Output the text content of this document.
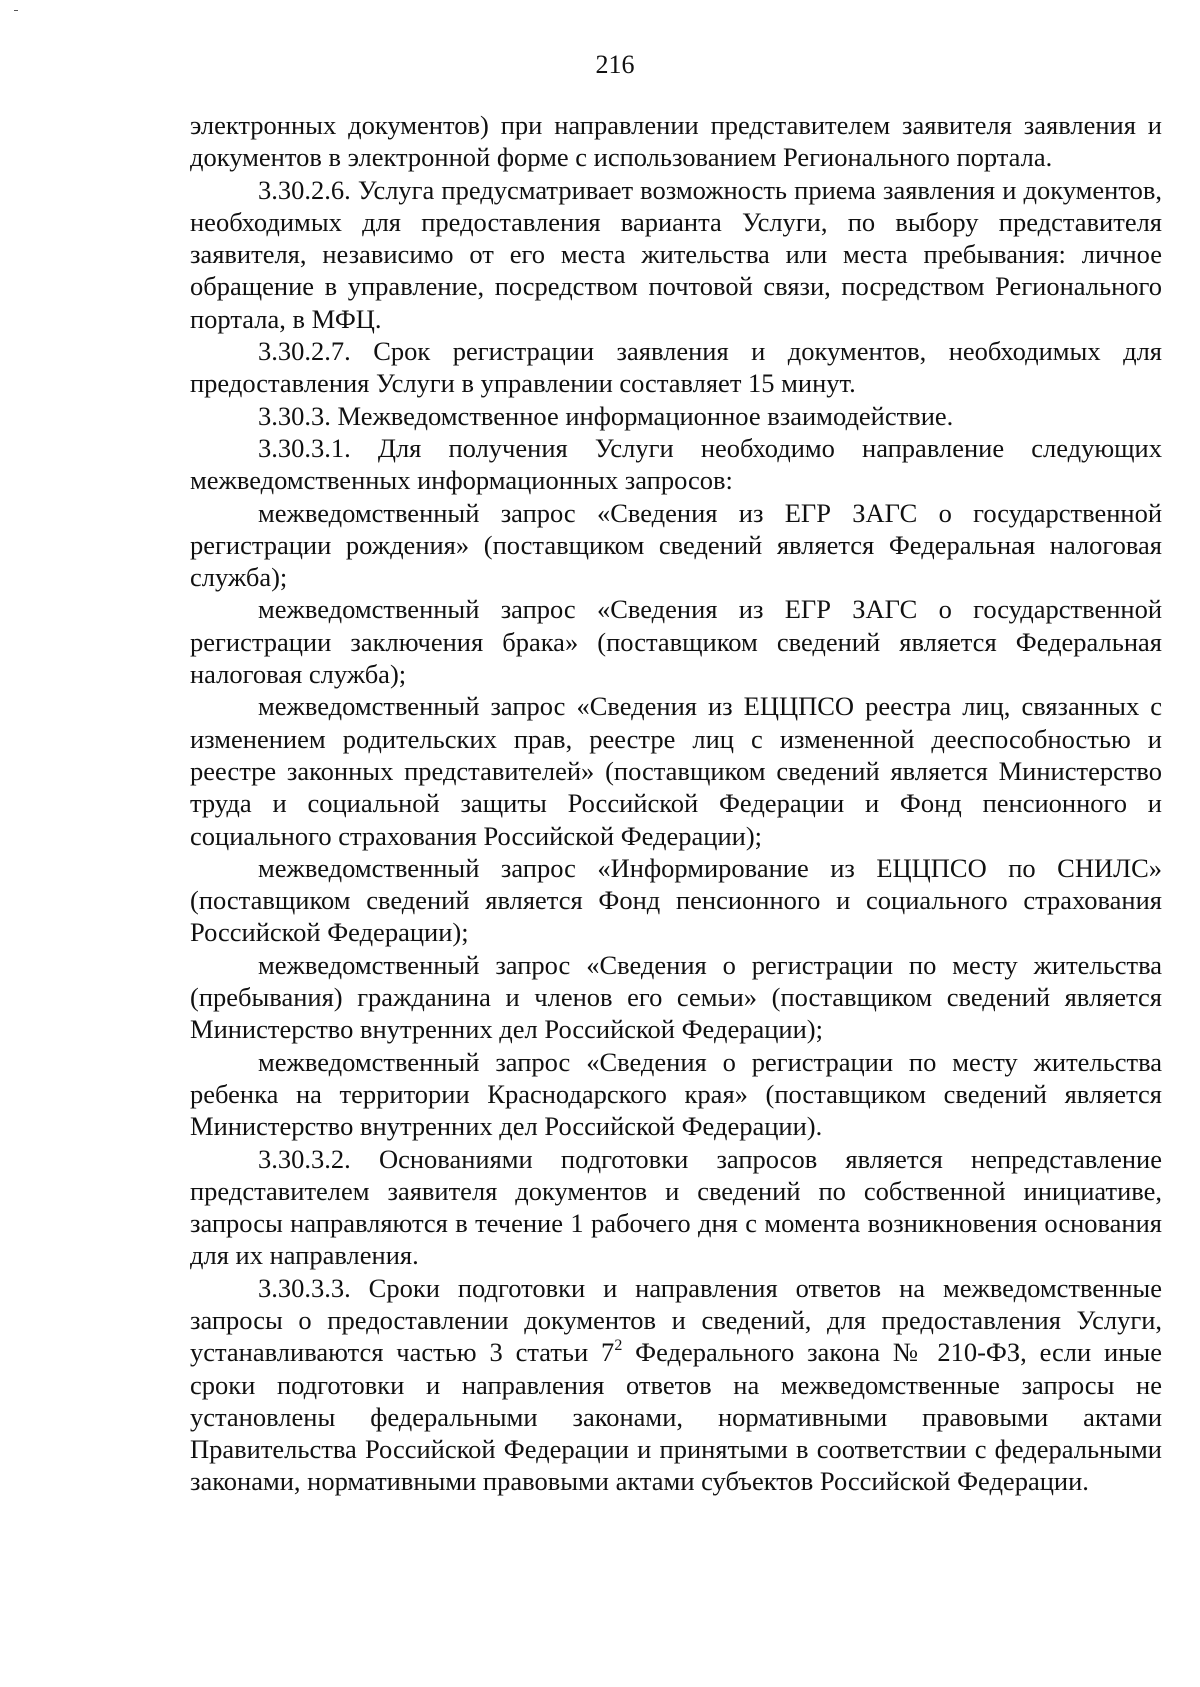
216

электронных документов) при направлении представителем заявителя заявления и документов в электронной форме с использованием Регионального портала.

3.30.2.6. Услуга предусматривает возможность приема заявления и документов, необходимых для предоставления варианта Услуги, по выбору представителя заявителя, независимо от его места жительства или места пребывания: личное обращение в управление, посредством почтовой связи, посредством Регионального портала, в МФЦ.

3.30.2.7. Срок регистрации заявления и документов, необходимых для предоставления Услуги в управлении составляет 15 минут.

3.30.3. Межведомственное информационное взаимодействие.

3.30.3.1. Для получения Услуги необходимо направление следующих межведомственных информационных запросов:

межведомственный запрос «Сведения из ЕГР ЗАГС о государственной регистрации рождения» (поставщиком сведений является Федеральная налоговая служба);

межведомственный запрос «Сведения из ЕГР ЗАГС о государственной регистрации заключения брака» (поставщиком сведений является Федеральная налоговая служба);

межведомственный запрос «Сведения из ЕЦЦПСО реестра лиц, связанных с изменением родительских прав, реестре лиц с измененной дееспособностью и реестре законных представителей» (поставщиком сведений является Министерство труда и социальной защиты Российской Федерации и Фонд пенсионного и социального страхования Российской Федерации);

межведомственный запрос «Информирование из ЕЦЦПСО по СНИЛС» (поставщиком сведений является Фонд пенсионного и социального страхования Российской Федерации);

межведомственный запрос «Сведения о регистрации по месту жительства (пребывания) гражданина и членов его семьи» (поставщиком сведений является Министерство внутренних дел Российской Федерации);

межведомственный запрос «Сведения о регистрации по месту жительства ребенка на территории Краснодарского края» (поставщиком сведений является Министерство внутренних дел Российской Федерации).

3.30.3.2. Основаниями подготовки запросов является непредставление представителем заявителя документов и сведений по собственной инициативе, запросы направляются в течение 1 рабочего дня с момента возникновения основания для их направления.

3.30.3.3. Сроки подготовки и направления ответов на межведомственные запросы о предоставлении документов и сведений, для предоставления Услуги, устанавливаются частью 3 статьи $7^2$ Федерального закона № 210-ФЗ, если иные сроки подготовки и направления ответов на межведомственные запросы не установлены федеральными законами, нормативными правовыми актами Правительства Российской Федерации и принятыми в соответствии с федеральными законами, нормативными правовыми актами субъектов Российской Федерации.
